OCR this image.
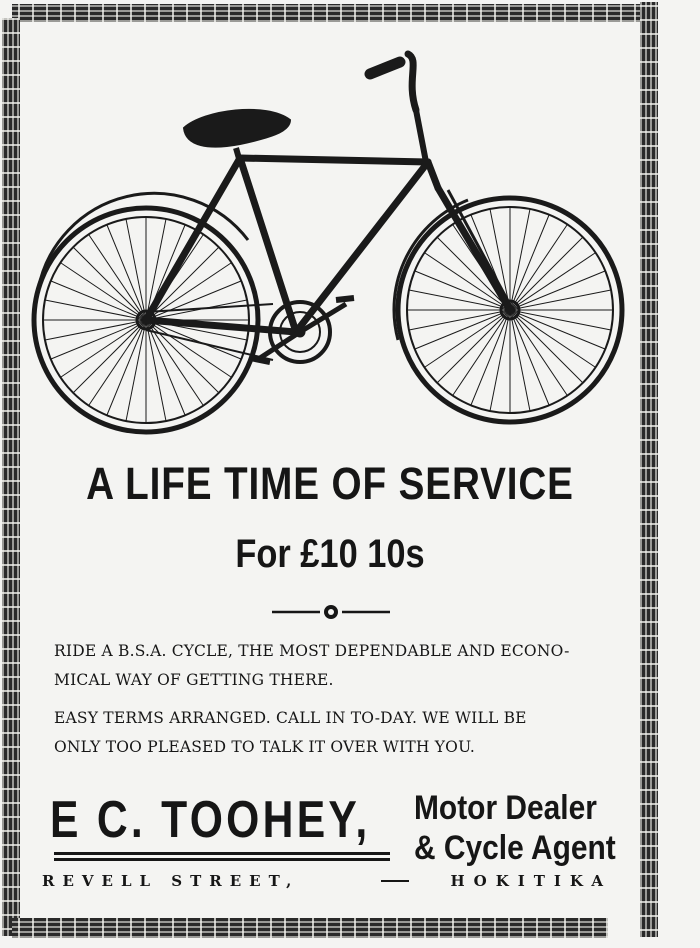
A LIFE TIME OF SERVICE
For £10 10s
RIDE A B.S.A. CYCLE, THE MOST DEPENDABLE AND ECONO-
MICAL WAY OF GETTING THERE.
EASY TERMS ARRANGED. CALL IN TO-DAY. WE WILL BE
ONLY TOO PLEASED TO TALK IT OVER WITH YOU.
E C. TOOHEY, Motor Dealer
& Cycle Agent
REVELL STREET,	HOKITIKA
